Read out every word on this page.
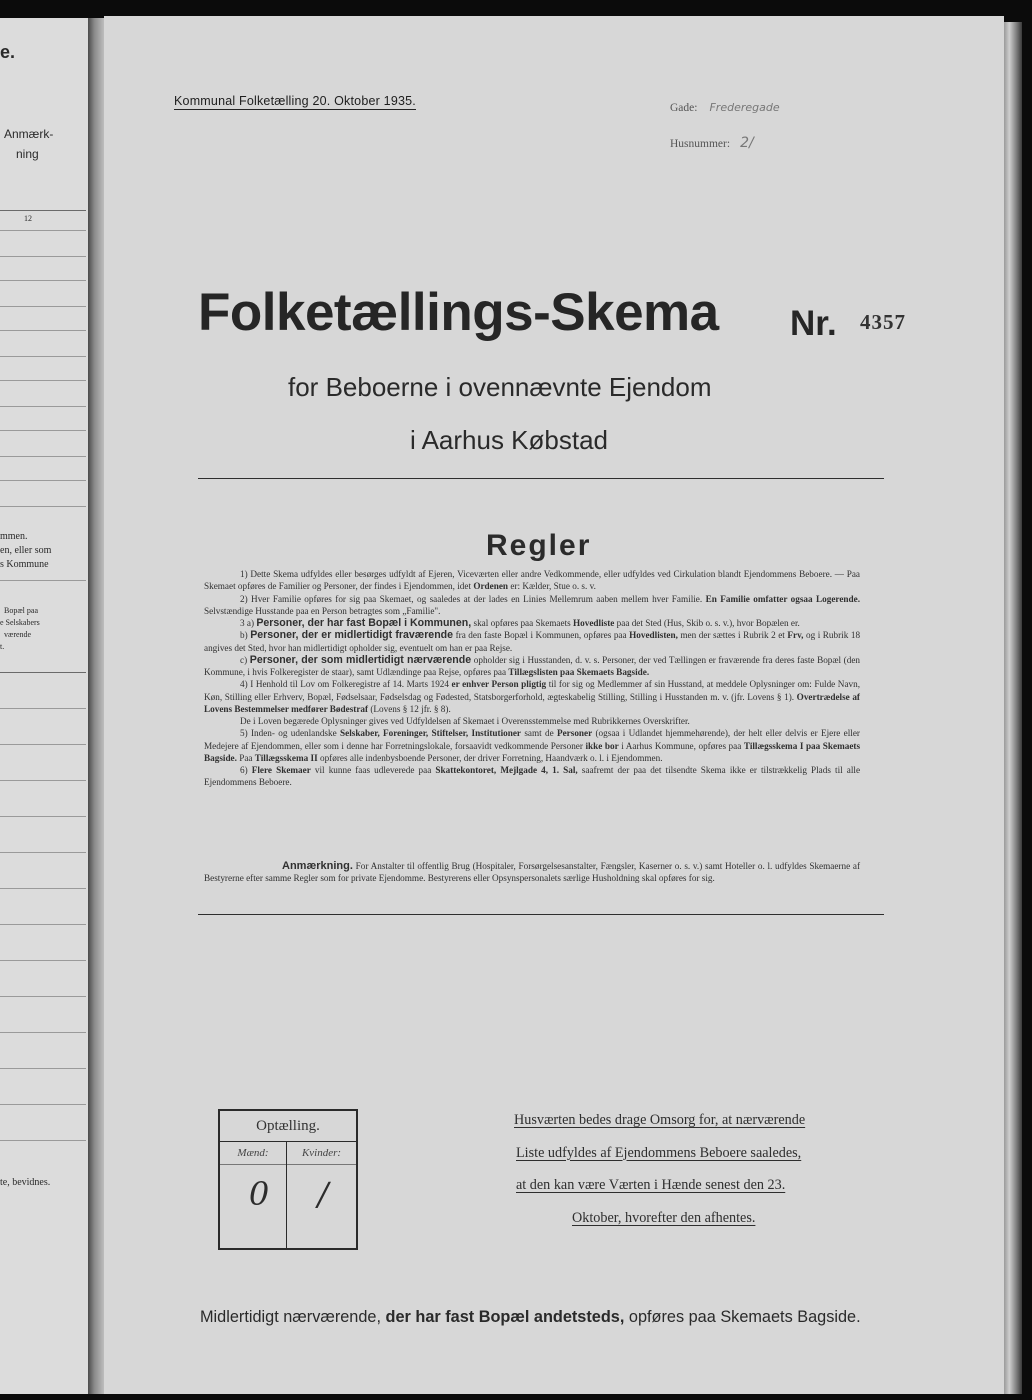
e.
Anmærk-
ning
12
mmen.
en, eller som
s Kommune
Bopæl paa
e Selskabers
værende
t.
te, bevidnes.
Kommunal Folketælling 20. Oktober 1935.	Gade: Frederegade
Husnummer: 2/
Folketællings-Skema Nr. 4357
for Beboerne i ovennævnte Ejendom
i Aarhus Købstad
Regler

1) Dette Skema udfyldes eller besørges udfyldt af Ejeren, Viceværten eller andre Vedkommende, eller udfyldes ved Cirkulation blandt Ejendommens Beboere. — Paa Skemaet opføres de Familier og Personer, der findes i Ejendommen, idet Ordenen er: Kælder, Stue o. s. v.

2) Hver Familie opføres for sig paa Skemaet, og saaledes at der lades en Linies Mellemrum aaben mellem hver Familie. En Familie omfatter ogsaa Logerende. Selvstændige Husstande paa en Person betragtes som „Familie".

3 a) Personer, der har fast Bopæl i Kommunen, skal opføres paa Skemaets Hovedliste paa det Sted (Hus, Skib o. s. v.), hvor Bopælen er.

b) Personer, der er midlertidigt fraværende fra den faste Bopæl i Kommunen, opføres paa Hovedlisten, men der sættes i Rubrik 2 et Frv, og i Rubrik 18 angives det Sted, hvor han midlertidigt opholder sig, eventuelt om han er paa Rejse.

c) Personer, der som midlertidigt nærværende opholder sig i Husstanden, d. v. s. Personer, der ved Tællingen er fraværende fra deres faste Bopæl (den Kommune, i hvis Folkeregister de staar), samt Udlændinge paa Rejse, opføres paa Tillægslisten paa Skemaets Bagside.

4) I Henhold til Lov om Folkeregistre af 14. Marts 1924 er enhver Person pligtig til for sig og Medlemmer af sin Husstand, at meddele Oplysninger om: Fulde Navn, Køn, Stilling eller Erhverv, Bopæl, Fødselsaar, Fødselsdag og Fødested, Statsborgerforhold, ægteskabelig Stilling, Stilling i Husstanden m. v. (jfr. Lovens § 1). Overtrædelse af Lovens Bestemmelser medfører Bødestraf (Lovens § 12 jfr. § 8).

De i Loven begærede Oplysninger gives ved Udfyldelsen af Skemaet i Overensstemmelse med Rubrikkernes Overskrifter.

5) Inden- og udenlandske Selskaber, Foreninger, Stiftelser, Institutioner samt de Personer (ogsaa i Udlandet hjemmehørende), der helt eller delvis er Ejere eller Medejere af Ejendommen, eller som i denne har Forretningslokale, forsaavidt vedkommende Personer ikke bor i Aarhus Kommune, opføres paa Tillægsskema I paa Skemaets Bagside. Paa Tillægsskema II opføres alle indenbysboende Personer, der driver Forretning, Haandværk o. l. i Ejendommen.

6) Flere Skemaer vil kunne faas udleverede paa Skattekontoret, Mejlgade 4, 1. Sal, saafremt der paa det tilsendte Skema ikke er tilstrækkelig Plads til alle Ejendommens Beboere.

Anmærkning. For Anstalter til offentlig Brug (Hospitaler, Forsørgelsesanstalter, Fængsler, Kaserner o. s. v.) samt Hoteller o. l. udfyldes Skemaerne af Bestyrerne efter samme Regler som for private Ejendomme. Bestyrerens eller Opsynspersonalets særlige Husholdning skal opføres for sig.
Optælling.
Mænd:	Kvinder:
0	/
Husværten bedes drage Omsorg for, at nærværende
Liste udfyldes af Ejendommens Beboere saaledes,
at den kan være Værten i Hænde senest den 23.
Oktober, hvorefter den afhentes.
Midlertidigt nærværende, der har fast Bopæl andetsteds, opføres paa Skemaets Bagside.
